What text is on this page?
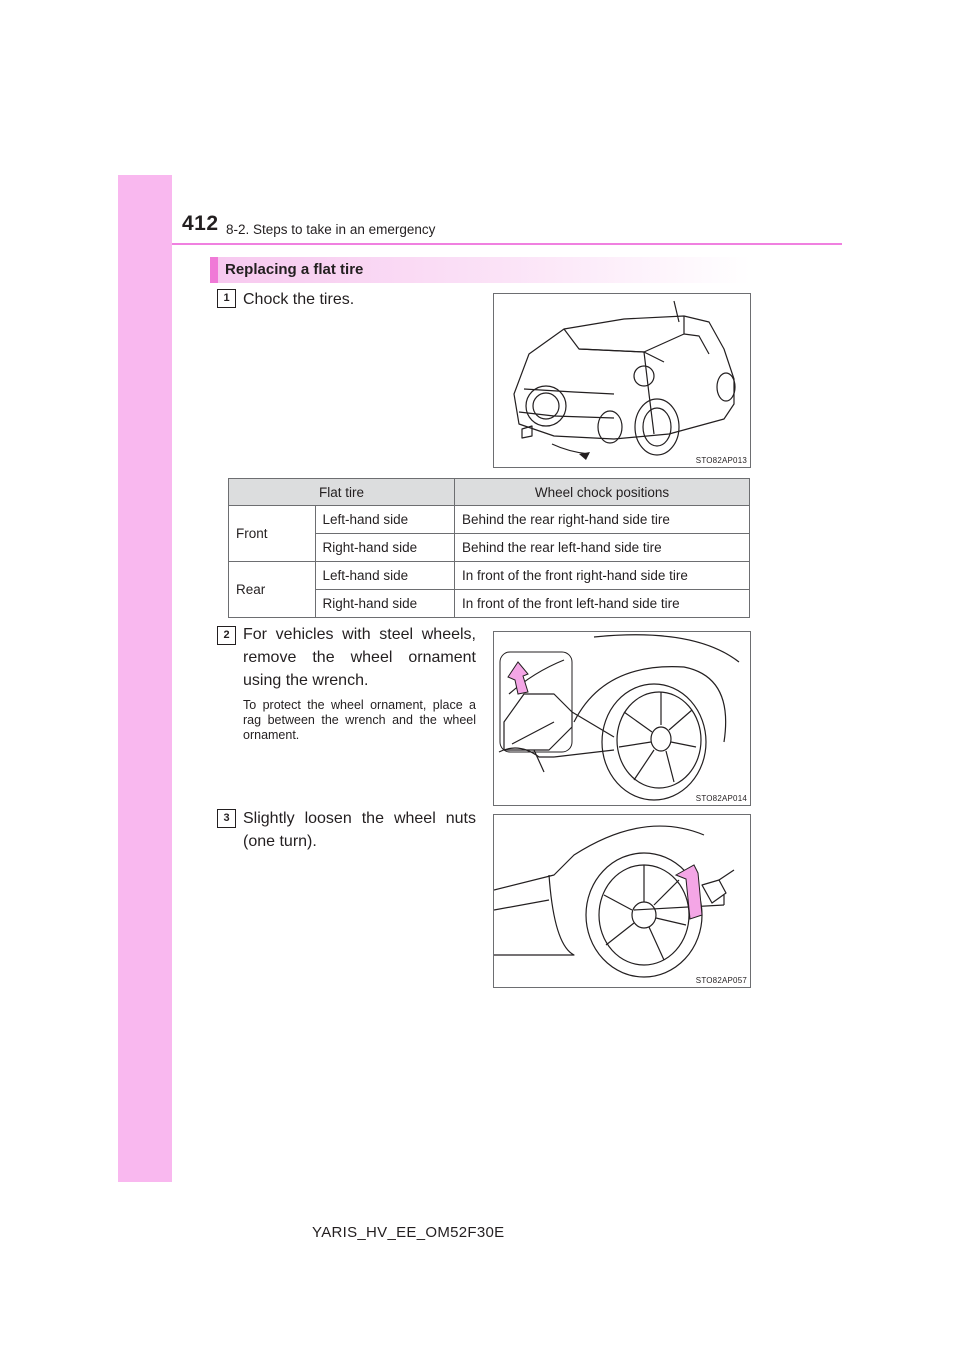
412 8-2. Steps to take in an emergency
Replacing a flat tire
1 Chock the tires.
STO82AP013
Flat tire		Wheel chock positions
Front	Left-hand side	Behind the rear right-hand side tire
	Right-hand side	Behind the rear left-hand side tire
Rear	Left-hand side	In front of the front right-hand side tire
	Right-hand side	In front of the front left-hand side tire
2 For vehicles with steel wheels, remove the wheel ornament using the wrench.
To protect the wheel ornament, place a rag between the wrench and the wheel ornament.
STO82AP014
3 Slightly loosen the wheel nuts (one turn).
STO82AP057
YARIS_HV_EE_OM52F30E
